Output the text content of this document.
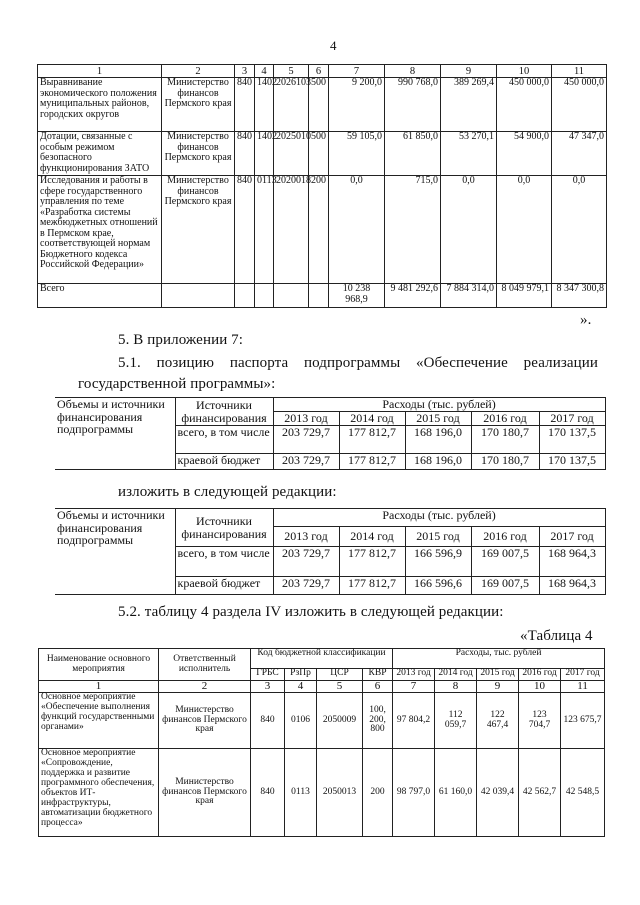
4
1	2	3	4	5	6	7	8	9	10	11
Выравнивание экономического положения муниципальных районов, городских округов	Министерство финансов Пермского края	840	1402	2026103	500	9 200,0	990 768,0	389 269,4	450 000,0	450 000,0
Дотации, связанные с особым режимом безопасного функционирования ЗАТО	Министерство финансов Пермского края	840	1402	2025010	500	59 105,0	61 850,0	53 270,1	54 900,0	47 347,0
Исследования и работы в сфере государственного управления по теме «Разработка системы межбюджетных отношений в Пермском крае, соответствующей нормам Бюджетного кодекса Российской Федерации»	Министерство финансов Пермского края	840	0113	2020018	200	0,0	715,0	0,0	0,0	0,0
Всего						10 238 968,9	9 481 292,6	7 884 314,0	8 049 979,1	8 347 300,8
».
5. В приложении 7:
5.1. позицию паспорта подпрограммы «Обеспечение реализации государственной программы»:
Объемы и источники финансирования подпрограммы	Источники финансирования	Расходы (тыс. рублей)				
		2013 год	2014 год	2015 год	2016 год	2017 год
	всего, в том числе	203 729,7	177 812,7	168 196,0	170 180,7	170 137,5
	краевой бюджет	203 729,7	177 812,7	168 196,0	170 180,7	170 137,5
изложить в следующей редакции:
Объемы и источники финансирования подпрограммы	Источники финансирования	Расходы (тыс. рублей)				
		2013 год	2014 год	2015 год	2016 год	2017 год
	всего, в том числе	203 729,7	177 812,7	166 596,9	169 007,5	168 964,3
	краевой бюджет	203 729,7	177 812,7	166 596,6	169 007,5	168 964,3
5.2. таблицу 4 раздела IV изложить в следующей редакции:
«Таблица 4
Наименование основного мероприятия	Ответственный исполнитель	Код бюджетной классификации				Расходы, тыс. рублей				
		ГРБС	РзПр	ЦСР	КВР	2013 год	2014 год	2015 год	2016 год	2017 год
1	2	3	4	5	6	7	8	9	10	11
Основное мероприятие «Обеспечение выполнения функций государственными органами»	Министерство финансов Пермского края	840	0106	2050009	100, 200, 800	97 804,2	112 059,7	122 467,4	123 704,7	123 675,7
Основное мероприятие «Сопровождение, поддержка и развитие программного обеспечения, объектов ИТ-инфраструктуры, автоматизации бюджетного процесса»	Министерство финансов Пермского края	840	0113	2050013	200	98 797,0	61 160,0	42 039,4	42 562,7	42 548,5
